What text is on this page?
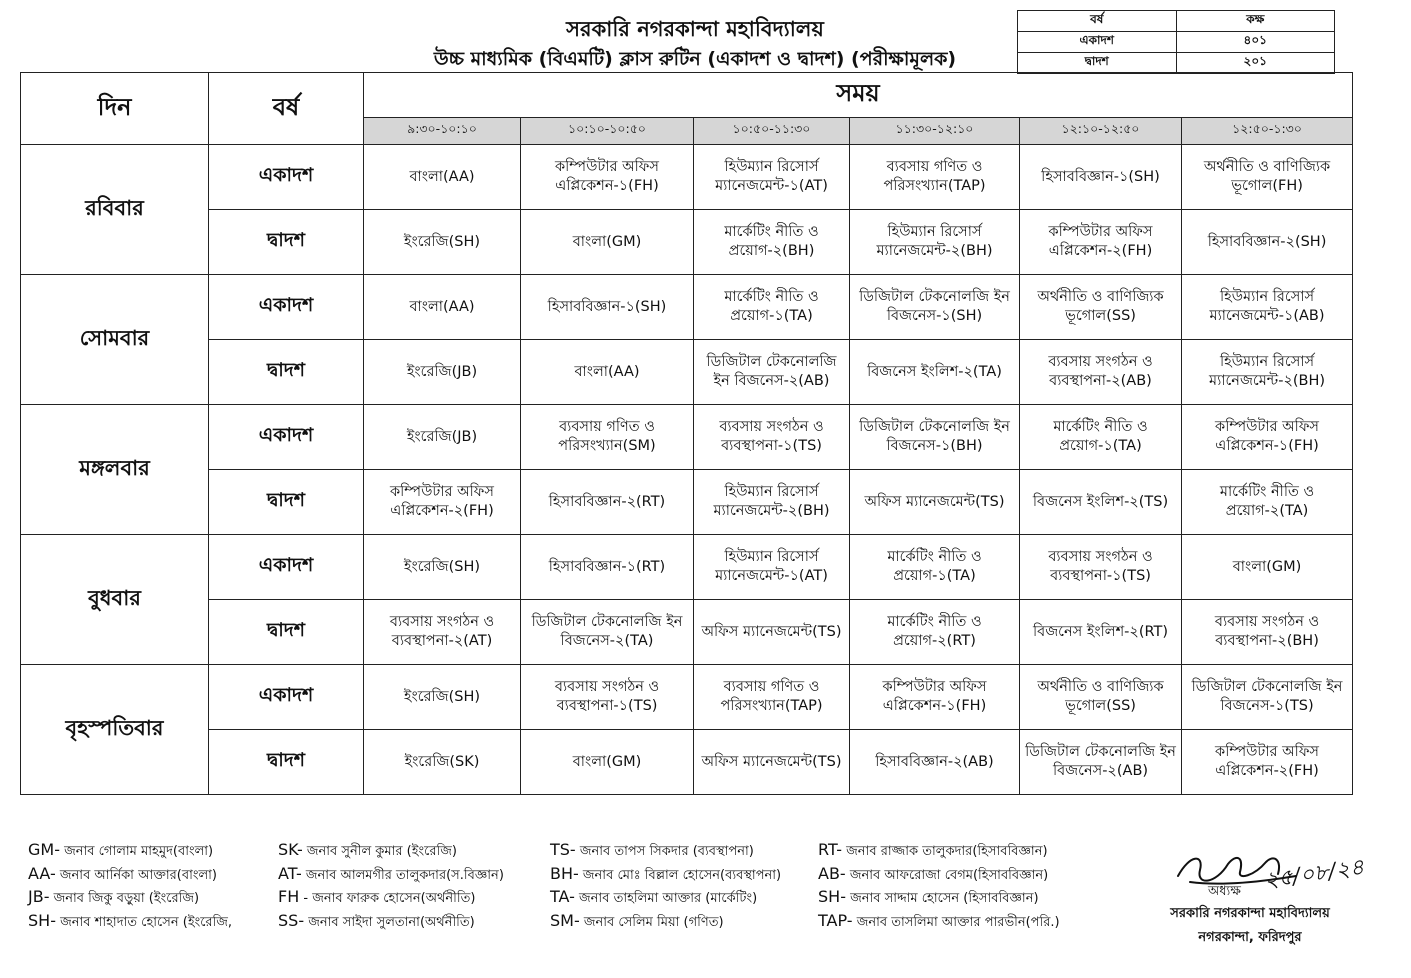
সরকারি নগরকান্দা মহাবিদ্যালয়
উচ্চ মাধ্যমিক (বিএমটি) ক্লাস রুটিন (একাদশ ও দ্বাদশ) (পরীক্ষামূলক)
বর্ষ	কক্ষ
একাদশ	৪০১
দ্বাদশ	২০১
দিন	বর্ষ	সময়					
		৯:৩০-১০:১০	১০:১০-১০:৫০	১০:৫০-১১:৩০	১১:৩০-১২:১০	১২:১০-১২:৫০	১২:৫০-১:৩০
রবিবার	একাদশ	বাংলা(AA)	কম্পিউটার অফিস এপ্লিকেশন-১(FH)	হিউম্যান রিসোর্স ম্যানেজমেন্ট-১(AT)	ব্যবসায় গণিত ও পরিসংখ্যান(TAP)	হিসাববিজ্ঞান-১(SH)	অর্থনীতি ও বাণিজ্যিক ভূগোল(FH)
	দ্বাদশ	ইংরেজি(SH)	বাংলা(GM)	মার্কেটিং নীতি ও প্রয়োগ-২(BH)	হিউম্যান রিসোর্স ম্যানেজমেন্ট-২(BH)	কম্পিউটার অফিস এপ্লিকেশন-২(FH)	হিসাববিজ্ঞান-২(SH)
সোমবার	একাদশ	বাংলা(AA)	হিসাববিজ্ঞান-১(SH)	মার্কেটিং নীতি ও প্রয়োগ-১(TA)	ডিজিটাল টেকনোলজি ইন বিজনেস-১(SH)	অর্থনীতি ও বাণিজ্যিক ভূগোল(SS)	হিউম্যান রিসোর্স ম্যানেজমেন্ট-১(AB)
	দ্বাদশ	ইংরেজি(JB)	বাংলা(AA)	ডিজিটাল টেকনোলজি ইন বিজনেস-২(AB)	বিজনেস ইংলিশ-২(TA)	ব্যবসায় সংগঠন ও ব্যবস্থাপনা-২(AB)	হিউম্যান রিসোর্স ম্যানেজমেন্ট-২(BH)
মঙ্গলবার	একাদশ	ইংরেজি(JB)	ব্যবসায় গণিত ও পরিসংখ্যান(SM)	ব্যবসায় সংগঠন ও ব্যবস্থাপনা-১(TS)	ডিজিটাল টেকনোলজি ইন বিজনেস-১(BH)	মার্কেটিং নীতি ও প্রয়োগ-১(TA)	কম্পিউটার অফিস এপ্লিকেশন-১(FH)
	দ্বাদশ	কম্পিউটার অফিস এপ্লিকেশন-২(FH)	হিসাববিজ্ঞান-২(RT)	হিউম্যান রিসোর্স ম্যানেজমেন্ট-২(BH)	অফিস ম্যানেজমেন্ট(TS)	বিজনেস ইংলিশ-২(TS)	মার্কেটিং নীতি ও প্রয়োগ-২(TA)
বুধবার	একাদশ	ইংরেজি(SH)	হিসাববিজ্ঞান-১(RT)	হিউম্যান রিসোর্স ম্যানেজমেন্ট-১(AT)	মার্কেটিং নীতি ও প্রয়োগ-১(TA)	ব্যবসায় সংগঠন ও ব্যবস্থাপনা-১(TS)	বাংলা(GM)
	দ্বাদশ	ব্যবসায় সংগঠন ও ব্যবস্থাপনা-২(AT)	ডিজিটাল টেকনোলজি ইন বিজনেস-২(TA)	অফিস ম্যানেজমেন্ট(TS)	মার্কেটিং নীতি ও প্রয়োগ-২(RT)	বিজনেস ইংলিশ-২(RT)	ব্যবসায় সংগঠন ও ব্যবস্থাপনা-২(BH)
বৃহস্পতিবার	একাদশ	ইংরেজি(SH)	ব্যবসায় সংগঠন ও ব্যবস্থাপনা-১(TS)	ব্যবসায় গণিত ও পরিসংখ্যান(TAP)	কম্পিউটার অফিস এপ্লিকেশন-১(FH)	অর্থনীতি ও বাণিজ্যিক ভূগোল(SS)	ডিজিটাল টেকনোলজি ইন বিজনেস-১(TS)
	দ্বাদশ	ইংরেজি(SK)	বাংলা(GM)	অফিস ম্যানেজমেন্ট(TS)	হিসাববিজ্ঞান-২(AB)	ডিজিটাল টেকনোলজি ইন বিজনেস-২(AB)	কম্পিউটার অফিস এপ্লিকেশন-২(FH)
GM- জনাব গোলাম মাহমুদ(বাংলা)
AA- জনাব আর্নিকা আক্তার(বাংলা)
JB- জনাব জিকু বড়ুয়া (ইংরেজি)
SH- জনাব শাহাদাত হোসেন (ইংরেজি,
SK- জনাব সুনীল কুমার (ইংরেজি)
AT- জনাব আলমগীর তালুকদার(স.বিজ্ঞান)
FH - জনাব ফারুক হোসেন(অর্থনীতি)
SS- জনাব সাইদা সুলতানা(অর্থনীতি)
TS- জনাব তাপস সিকদার (ব্যবস্থাপনা)
BH- জনাব মোঃ বিল্লাল হোসেন(ব্যবস্থাপনা)
TA- জনাব তাহলিমা আক্তার (মার্কেটিং)
SM- জনাব সেলিম মিয়া (গণিত)
RT- জনাব রাজ্জাক তালুকদার(হিসাববিজ্ঞান)
AB- জনাব আফরোজা বেগম(হিসাববিজ্ঞান)
SH- জনাব সাদ্দাম হোসেন (হিসাববিজ্ঞান)
TAP- জনাব তাসলিমা আক্তার পারভীন(পরি.)
২৫/০৮/২৪
অধ্যক্ষ
সরকারি নগরকান্দা মহাবিদ্যালয়
নগরকান্দা, ফরিদপুর
